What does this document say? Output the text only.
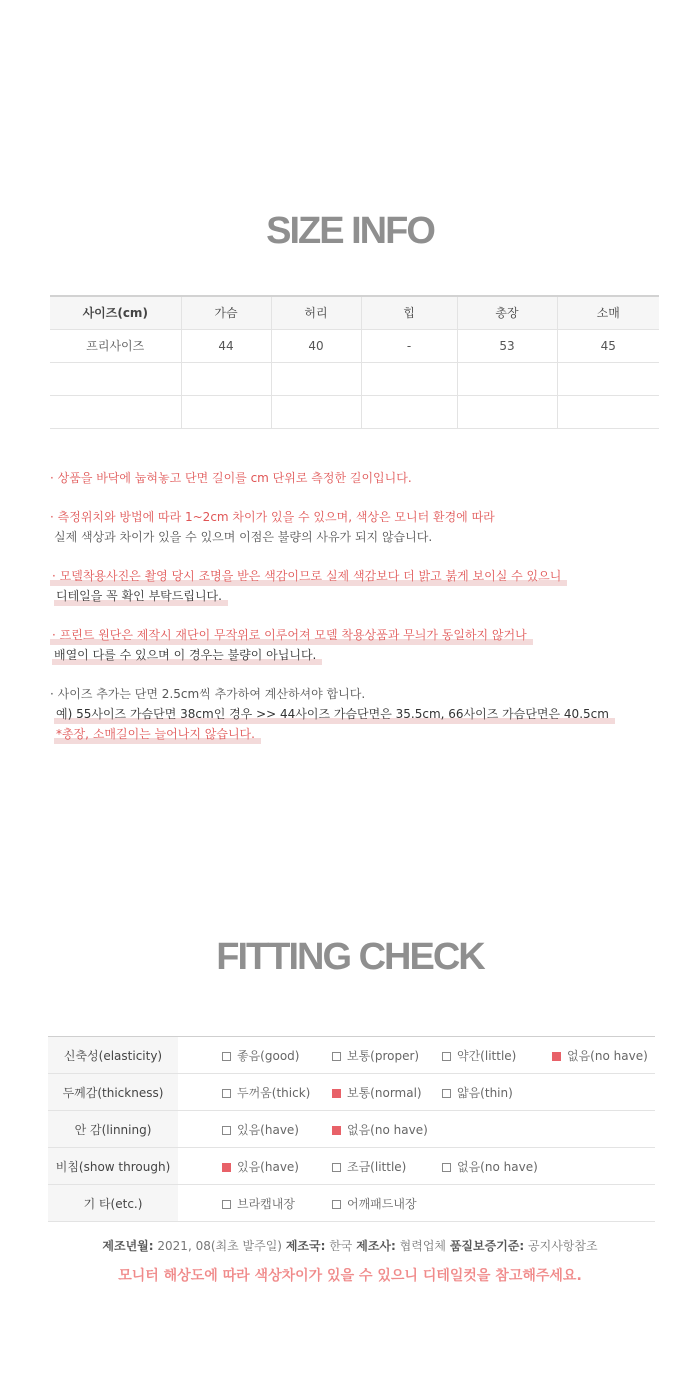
SIZE INFO
사이즈(cm)	가슴	허리	힙	총장	소매
프리사이즈	44	40	-	53	45

· 상품을 바닥에 눕혀놓고 단면 길이를 cm 단위로 측정한 길이입니다.
· 측정위치와 방법에 따라 1~2cm 차이가 있을 수 있으며, 색상은 모니터 환경에 따라
실제 색상과 차이가 있을 수 있으며 이점은 불량의 사유가 되지 않습니다.
· 모델착용사진은 촬영 당시 조명을 받은 색감이므로 실제 색감보다 더 밝고 붉게 보이실 수 있으니
디테일을 꼭 확인 부탁드립니다.
· 프린트 원단은 제작시 재단이 무작위로 이루어져 모델 착용상품과 무늬가 동일하지 않거나
배열이 다를 수 있으며 이 경우는 불량이 아닙니다.
· 사이즈 추가는 단면 2.5cm씩 추가하여 계산하셔야 합니다.
예) 55사이즈 가슴단면 38cm인 경우 >> 44사이즈 가슴단면은 35.5cm, 66사이즈 가슴단면은 40.5cm
*총장, 소매길이는 늘어나지 않습니다.
FITTING CHECK
신축성(elasticity)	좋음(good) 보통(proper) 약간(little) 없음(no have)
두께감(thickness)	두꺼움(thick) 보통(normal) 얇음(thin)
안 감(linning)	있음(have) 없음(no have)
비침(show through)	있음(have) 조금(little) 없음(no have)
기 타(etc.)	브라캡내장 어깨패드내장
제조년월: 2021, 08(최초 발주일) 제조국: 한국 제조사: 협력업체 품질보증기준: 공지사항참조
모니터 해상도에 따라 색상차이가 있을 수 있으니 디테일컷을 참고해주세요.
